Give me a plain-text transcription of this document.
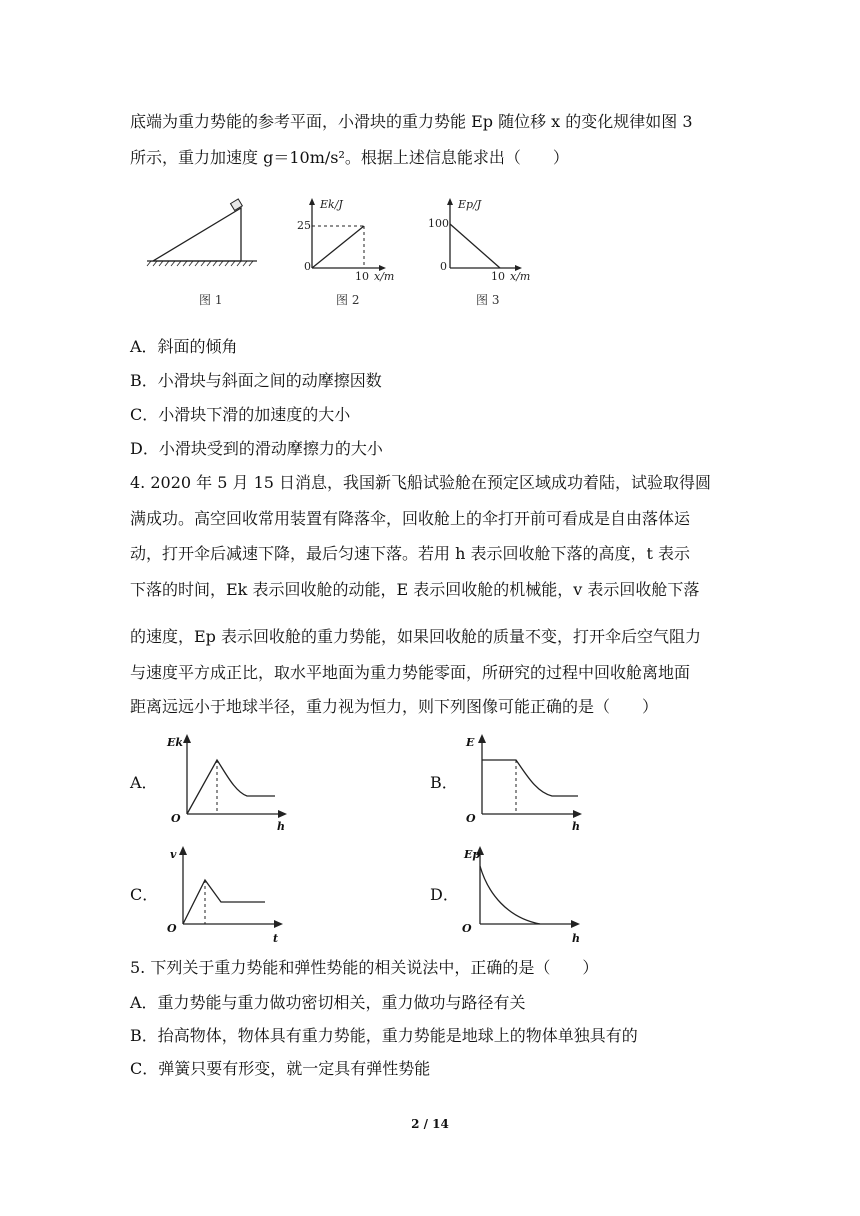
底端为重力势能的参考平面，小滑块的重力势能 Ep 随位移 x 的变化规律如图 3
所示，重力加速度 g＝10m/s²。根据上述信息能求出（　　）
图 1
Ek/J
25
0
10 x/m
图 2
Ep/J
100
0
10 x/m
图 3
A．斜面的倾角
B．小滑块与斜面之间的动摩擦因数
C．小滑块下滑的加速度的大小
D．小滑块受到的滑动摩擦力的大小
4. 2020 年 5 月 15 日消息，我国新飞船试验舱在预定区域成功着陆，试验取得圆
满成功。高空回收常用装置有降落伞，回收舱上的伞打开前可看成是自由落体运
动，打开伞后减速下降，最后匀速下落。若用 h 表示回收舱下落的高度，t 表示
下落的时间，Ek 表示回收舱的动能，E 表示回收舱的机械能，v 表示回收舱下落
的速度，Ep 表示回收舱的重力势能，如果回收舱的质量不变，打开伞后空气阻力
与速度平方成正比，取水平地面为重力势能零面，所研究的过程中回收舱离地面
距离远远小于地球半径，重力视为恒力，则下列图像可能正确的是（　　）
A．
Ek
O
h
B．
E
O
h
C．
v
O
t
D．
Ep
O
h
5. 下列关于重力势能和弹性势能的相关说法中，正确的是（　　）
A．重力势能与重力做功密切相关，重力做功与路径有关
B．抬高物体，物体具有重力势能，重力势能是地球上的物体单独具有的
C．弹簧只要有形变，就一定具有弹性势能
2 / 14
